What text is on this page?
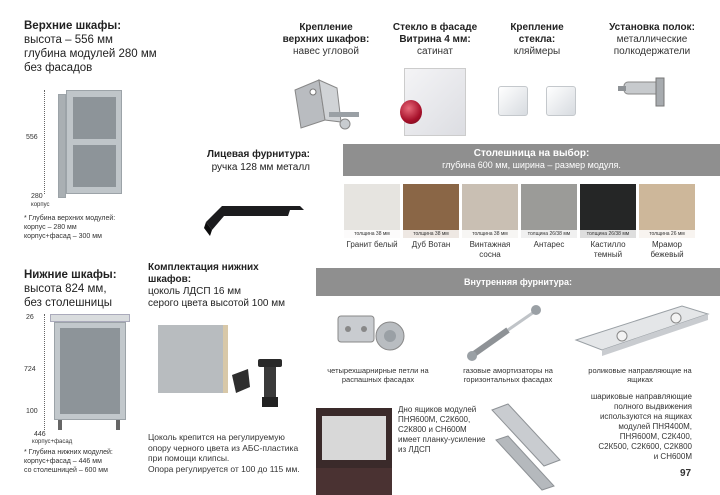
Верхние шкафы:
высота – 556 мм
глубина модулей 280 мм
без фасадов
556
280
корпус
* Глубина верхних модулей:
корпус – 280 мм
корпус+фасад – 300 мм
Нижние шкафы:
высота 824 мм,
без столешницы
26
724
100
446
корпус+фасад
* Глубина нижних модулей:
корпус+фасад – 446 мм
со столешницей – 600 мм
Крепление
верхних шкафов:
навес угловой
Стекло в фасаде
Витрина 4 мм:
сатинат
Крепление
стекла:
кляймеры
Установка полок:
металлические
полкодержатели
Лицевая фурнитура:
ручка 128 мм металл
Комплектация нижних
шкафов:
цоколь ЛДСП 16 мм
серого цвета высотой 100 мм
Цоколь крепится на регулируемую
опору черного цвета из АБС-пластика
при помощи клипсы.
Опора регулируется от 100 до 115 мм.
Столешница на выбор:
глубина 600 мм, ширина – размер модуля.
толщина 38 мм
Гранит белый
толщина 38 мм
Дуб Вотан
толщина 38 мм
Винтажная
сосна
толщина 26/38 мм
Антарес
толщина 26/38 мм
Кастилло
темный
толщина 26 мм
Мрамор
бежевый
Внутренняя фурнитура:
четырехшарнирные петли на
распашных фасадах
газовые амортизаторы на
горизонтальных фасадах
роликовые направляющие на
ящиках
Дно ящиков модулей
ПНЯ600М, С2К600,
С2К800 и СН600М
имеет планку-усиление
из ЛДСП
шариковые направляющие
полного выдвижения
используются на ящиках
модулей ПНЯ400М,
ПНЯ600М, С2К400,
С2К500, С2К600, С2К800
и СН600М
97
